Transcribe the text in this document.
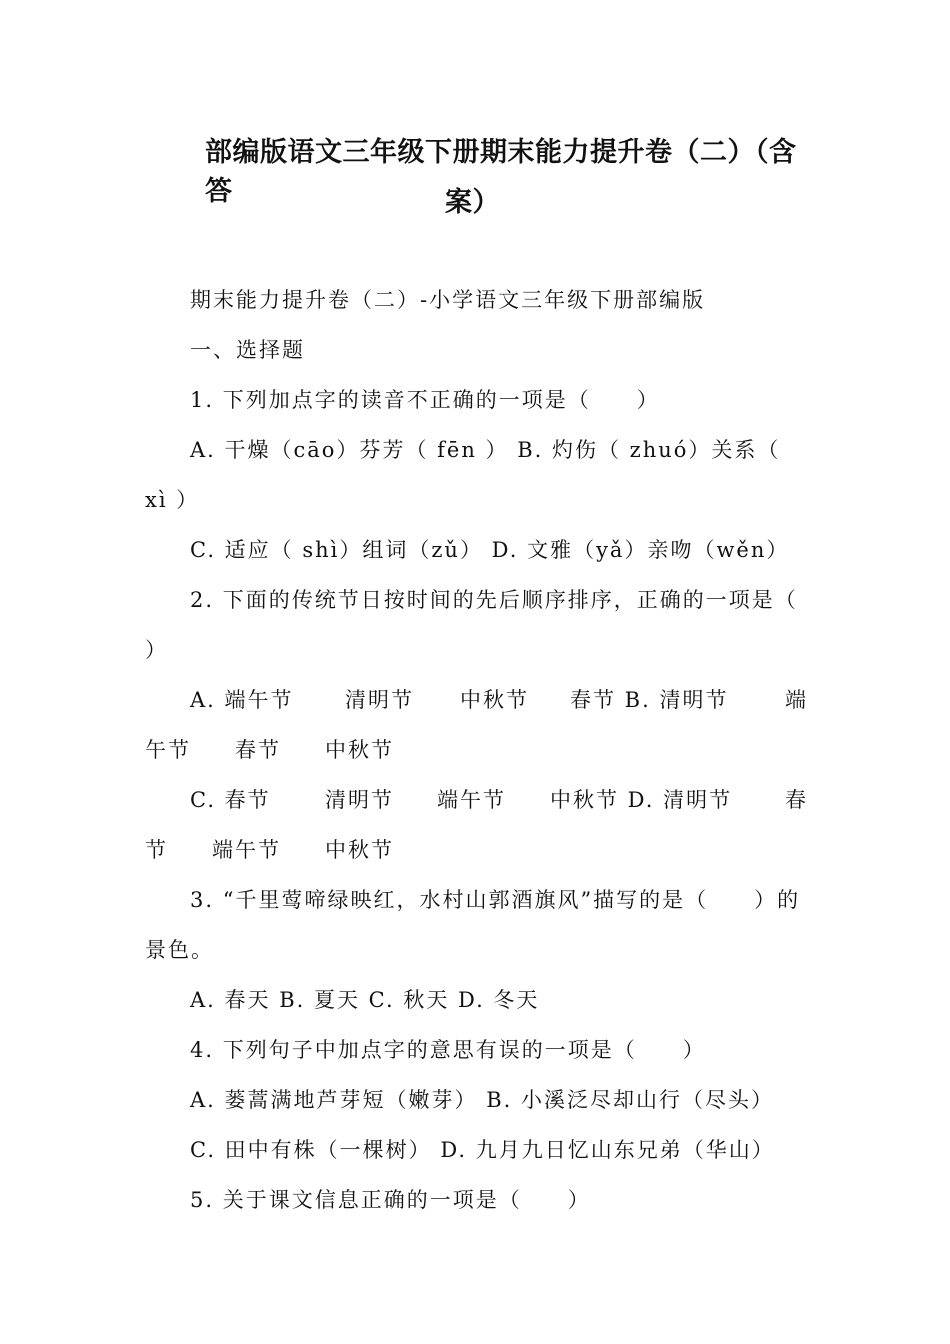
部编版语文三年级下册期末能力提升卷（二）（含答	案）
期末能力提升卷（二）-小学语文三年级下册部编版
一、选择题
1. 下列加点字的读音不正确的一项是（　　）
A. 干燥（cāo）芬芳（ fēn ） B. 灼伤（ zhuó）关系（
xì ）
C. 适应（ shì）组词（zǔ） D. 文雅（yǎ）亲吻（wěn）
2. 下面的传统节日按时间的先后顺序排序，正确的一项是（
）
A. 端午节 清明节 中秋节 春节 B. 清明节	端
午节 春节 中秋节
C. 春节	清明节 端午节 中秋节 D. 清明节	春
节 端午节 中秋节
3. “千里莺啼绿映红，水村山郭酒旗风”描写的是（　　）的
景色。
A. 春天 B. 夏天 C. 秋天 D. 冬天
4. 下列句子中加点字的意思有误的一项是（　　）
A. 蒌蒿满地芦芽短（嫩芽） B. 小溪泛尽却山行（尽头）
C. 田中有株（一棵树） D. 九月九日忆山东兄弟（华山）
5. 关于课文信息正确的一项是（　　）
